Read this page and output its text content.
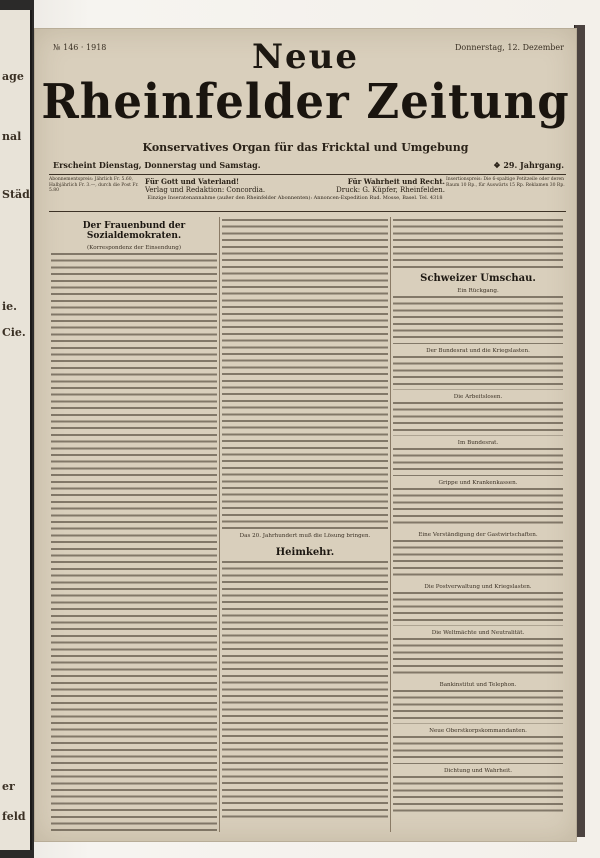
age
nal
Städ
ie.
Cie.
er
feld
№ 146 · 1918	Donnerstag, 12. Dezember
Neue
Rheinfelder Zeitung
Konservatives Organ für das Fricktal und Umgebung
Erscheint Dienstag, Donnerstag und Samstag.	❖ 29. Jahrgang.
Abonnementspreis: Jährlich Fr. 5.60, Halbjährlich Fr. 3.—, durch die Post Fr. 5.80
Für Gott und Vaterland!	Für Wahrheit und Recht.
Verlag und Redaktion: Concordia.	Druck: G. Küpfer, Rheinfelden.
Einzige Inseratenannahme (außer den Rheinfelder Abonnenten): Annoncen-Expedition Rud. Mosse, Basel. Tel. 4318
Insertionspreis: Die 6-spaltige Petitzeile oder deren Raum 10 Rp., für Auswärts 15 Rp. Reklamen 30 Rp.
Der Frauenbund der Sozialdemokraten.
(Korrespondenz der Einsendung)
Das 20. Jahrhundert muß die Lösung bringen.
Heimkehr.
Schweizer Umschau.
Ein Rückgang.
Der Bundesrat und die Kriegslasten.
Die Arbeitslosen.
Im Bundesrat.
Grippe und Krankenkassen.
Eine Verständigung der Gastwirtschaften.
Die Postverwaltung und Kriegslasten.
Die Weltmächte und Neutralität.
Bankinstitut und Telephon.
Neue Oberstkorpskommandanten.
Dichtung und Wahrheit.
